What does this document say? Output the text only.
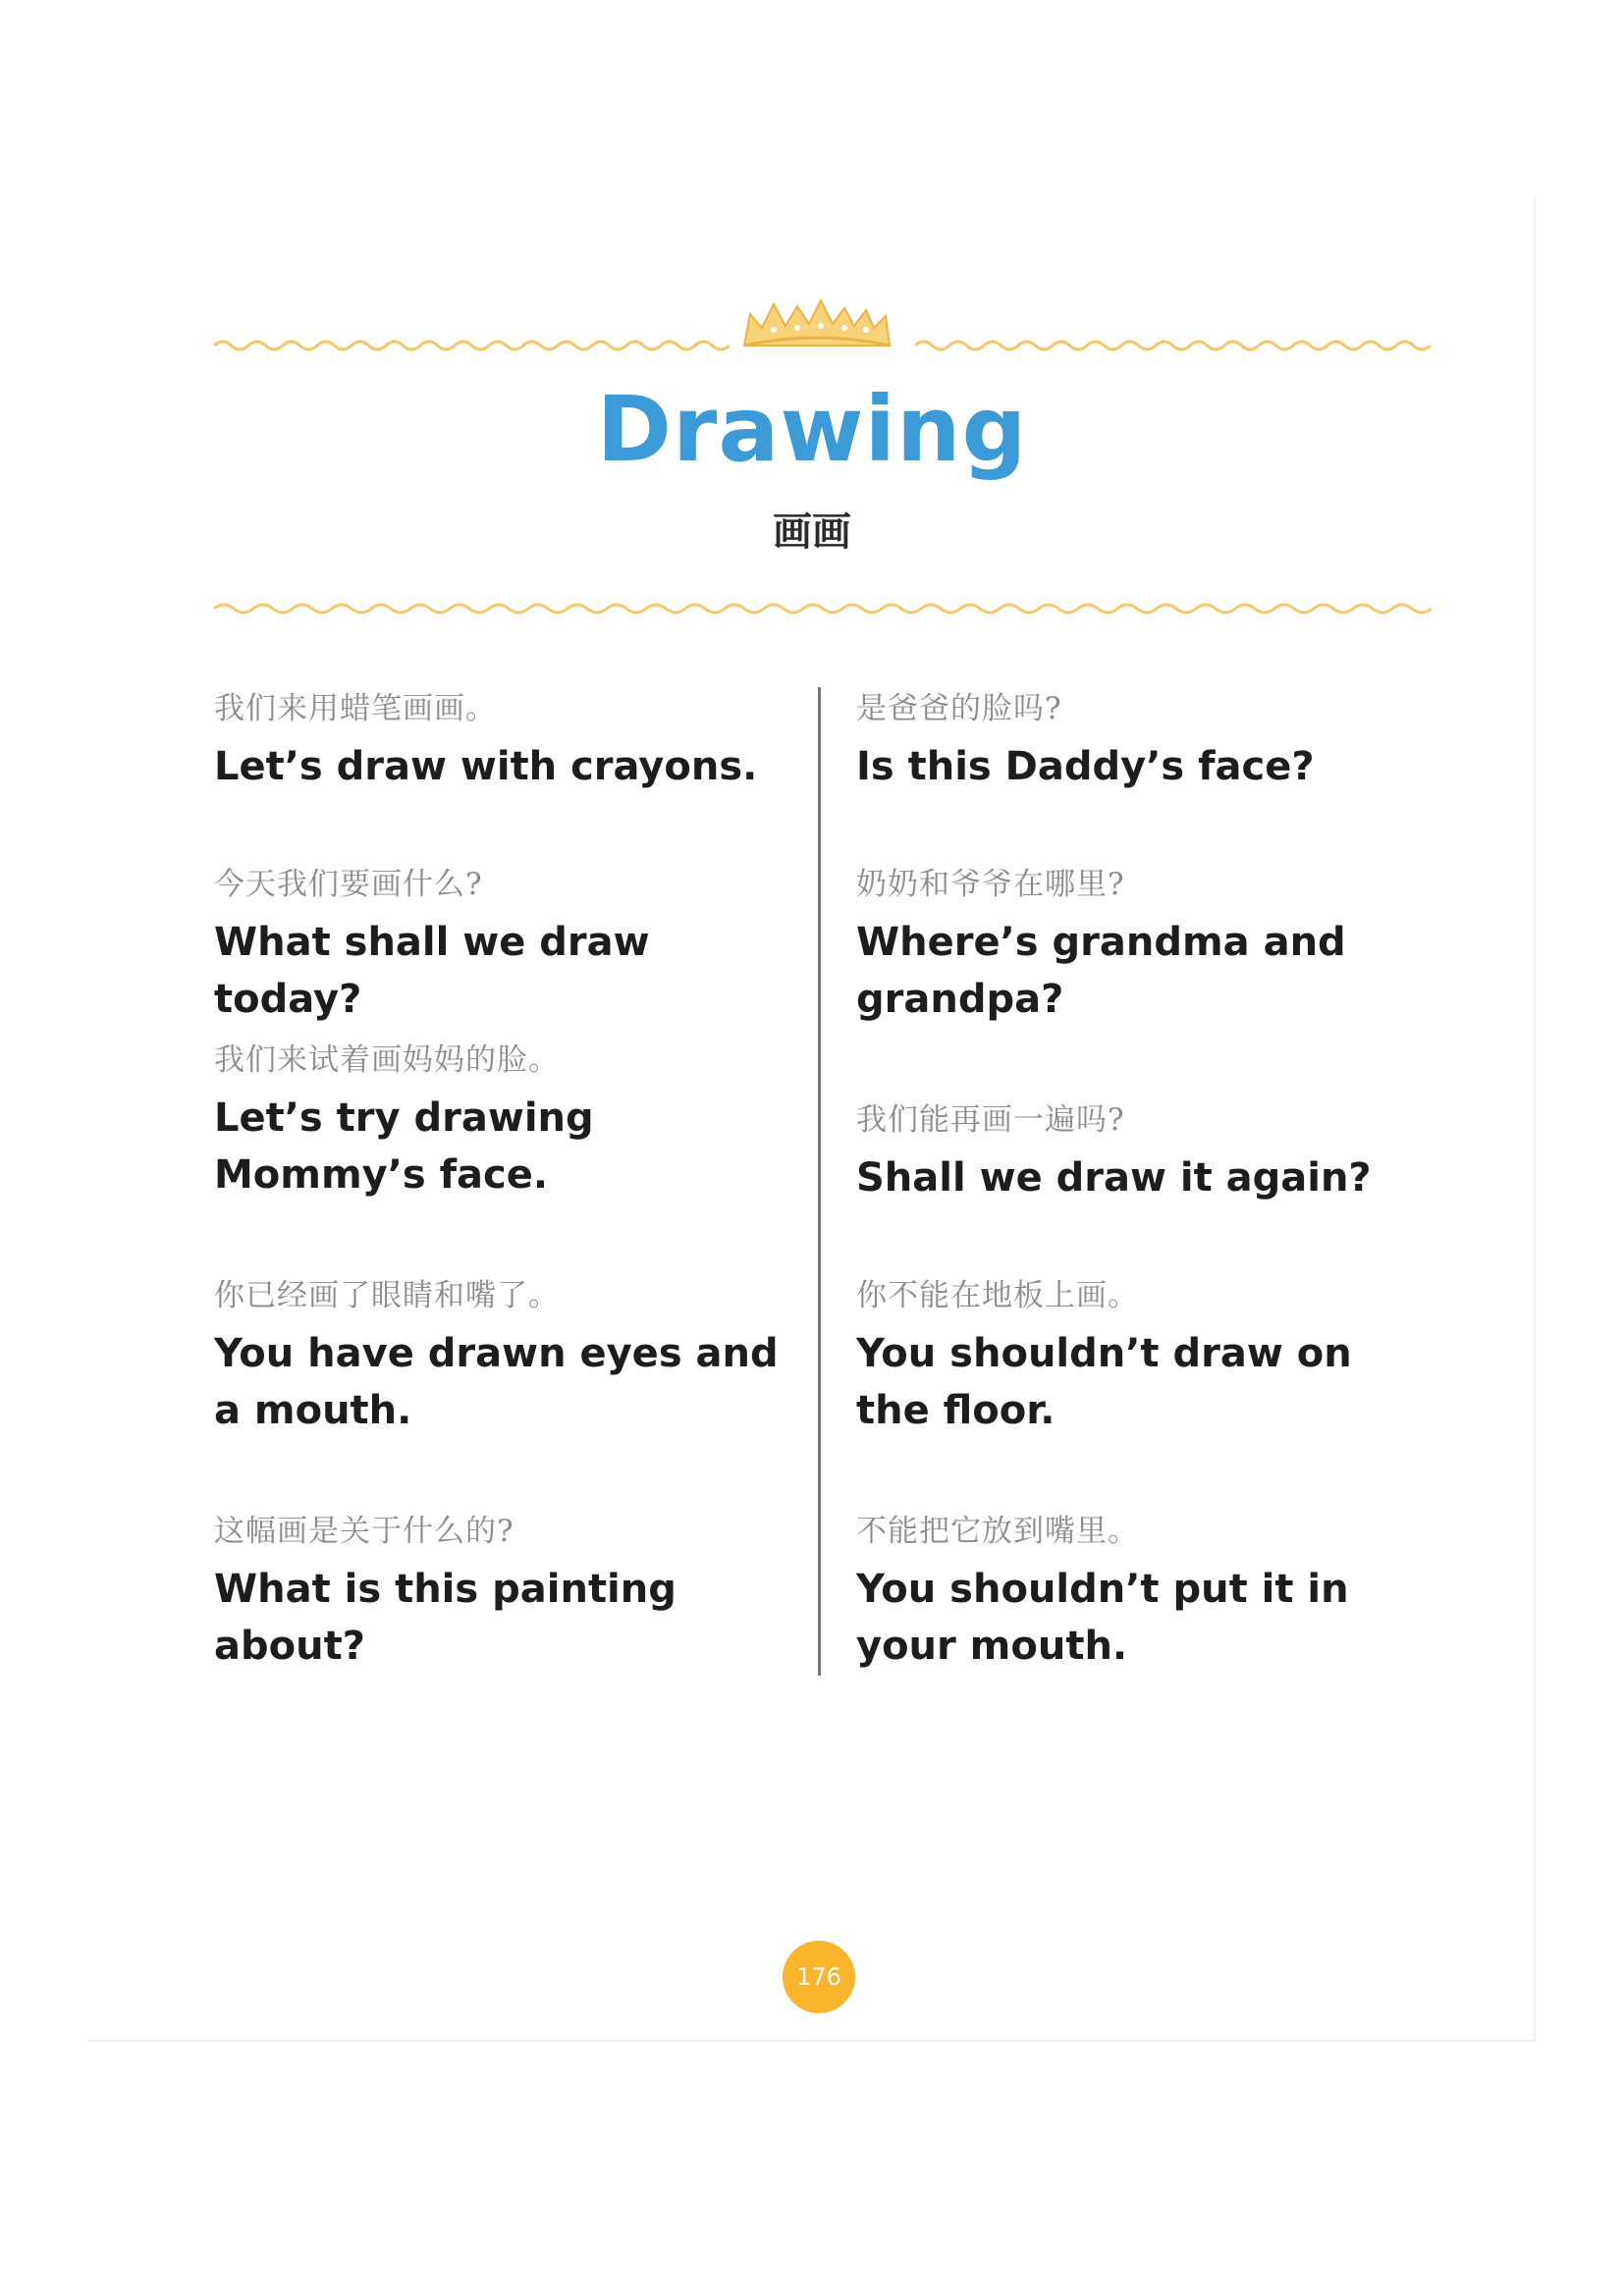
Drawing
画画
我们来用蜡笔画画。
Let’s draw with crayons.
今天我们要画什么?
What shall we draw today?
我们来试着画妈妈的脸。
Let’s try drawing Mommy’s face.
你已经画了眼睛和嘴了。
You have drawn eyes and a mouth.
这幅画是关于什么的?
What is this painting about?
是爸爸的脸吗?
Is this Daddy’s face?
奶奶和爷爷在哪里?
Where’s grandma and grandpa?
我们能再画一遍吗?
Shall we draw it again?
你不能在地板上画。
You shouldn’t draw on the floor.
不能把它放到嘴里。
You shouldn’t put it in your mouth.
176
